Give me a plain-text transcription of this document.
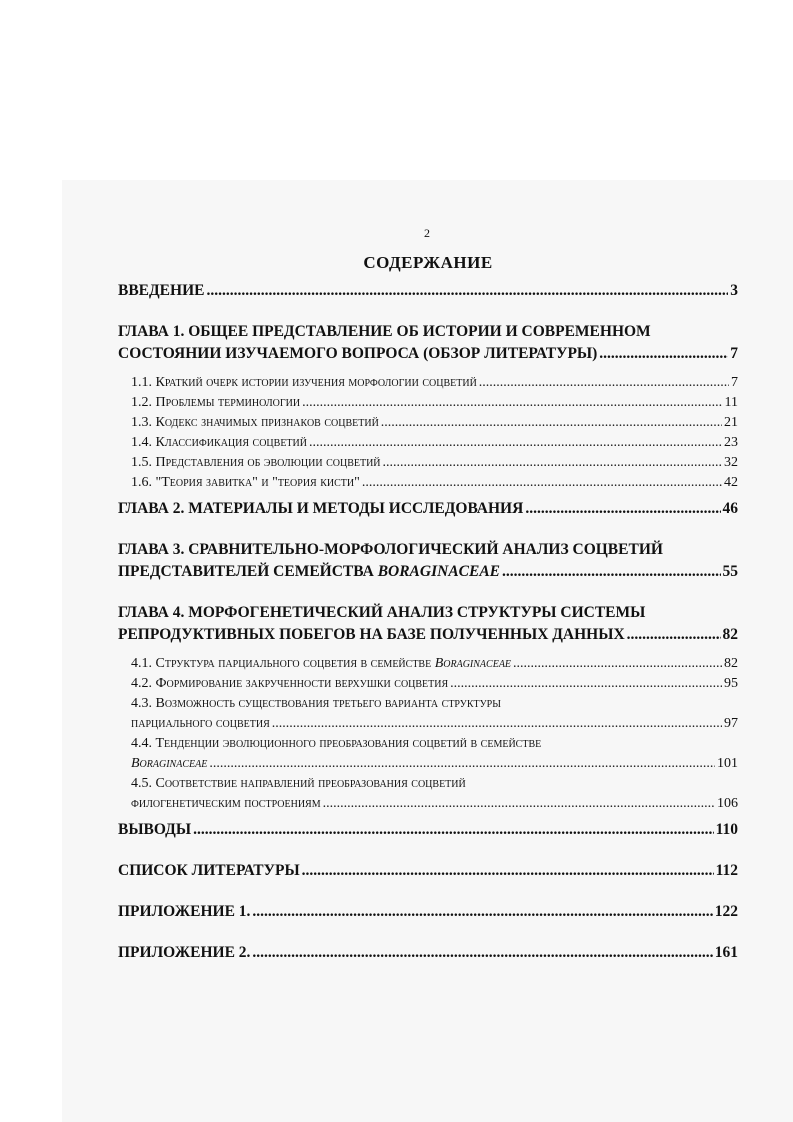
2
СОДЕРЖАНИЕ
ВВЕДЕНИЕ .....	3
ГЛАВА 1. ОБЩЕЕ ПРЕДСТАВЛЕНИЕ ОБ ИСТОРИИ И СОВРЕМЕННОМ
СОСТОЯНИИ ИЗУЧАЕМОГО ВОПРОСА (ОБЗОР ЛИТЕРАТУРЫ) .....	7
1.1. Краткий очерк истории изучения морфологии соцветий .....	7
1.2. Проблемы терминологии .....	11
1.3. Кодекс значимых признаков соцветий .....	21
1.4. Классификация соцветий .....	23
1.5. Представления об эволюции соцветий .....	32
1.6. "Теория завитка" и "теория кисти" .....	42
ГЛАВА 2. МАТЕРИАЛЫ И МЕТОДЫ ИССЛЕДОВАНИЯ .....	46
ГЛАВА 3. СРАВНИТЕЛЬНО-МОРФОЛОГИЧЕСКИЙ АНАЛИЗ СОЦВЕТИЙ
ПРЕДСТАВИТЕЛЕЙ СЕМЕЙСТВА BORAGINACEAE .....	55
ГЛАВА 4. МОРФОГЕНЕТИЧЕСКИЙ АНАЛИЗ СТРУКТУРЫ СИСТЕМЫ
РЕПРОДУКТИВНЫХ ПОБЕГОВ НА БАЗЕ ПОЛУЧЕННЫХ ДАННЫХ .....	82
4.1. Структура парциального соцветия в семействе Boraginaceae .....	82
4.2. Формирование закрученности верхушки соцветия .....	95
4.3. Возможность существования третьего варианта структуры
парциального соцветия .....	97
4.4. Тенденции эволюционного преобразования соцветий в семействе
Boraginaceae .....	101
4.5. Соответствие направлений преобразования соцветий
филогенетическим построениям .....	106
ВЫВОДЫ .....	110
СПИСОК ЛИТЕРАТУРЫ .....	112
ПРИЛОЖЕНИЕ 1. .....	122
ПРИЛОЖЕНИЕ 2. .....	161
